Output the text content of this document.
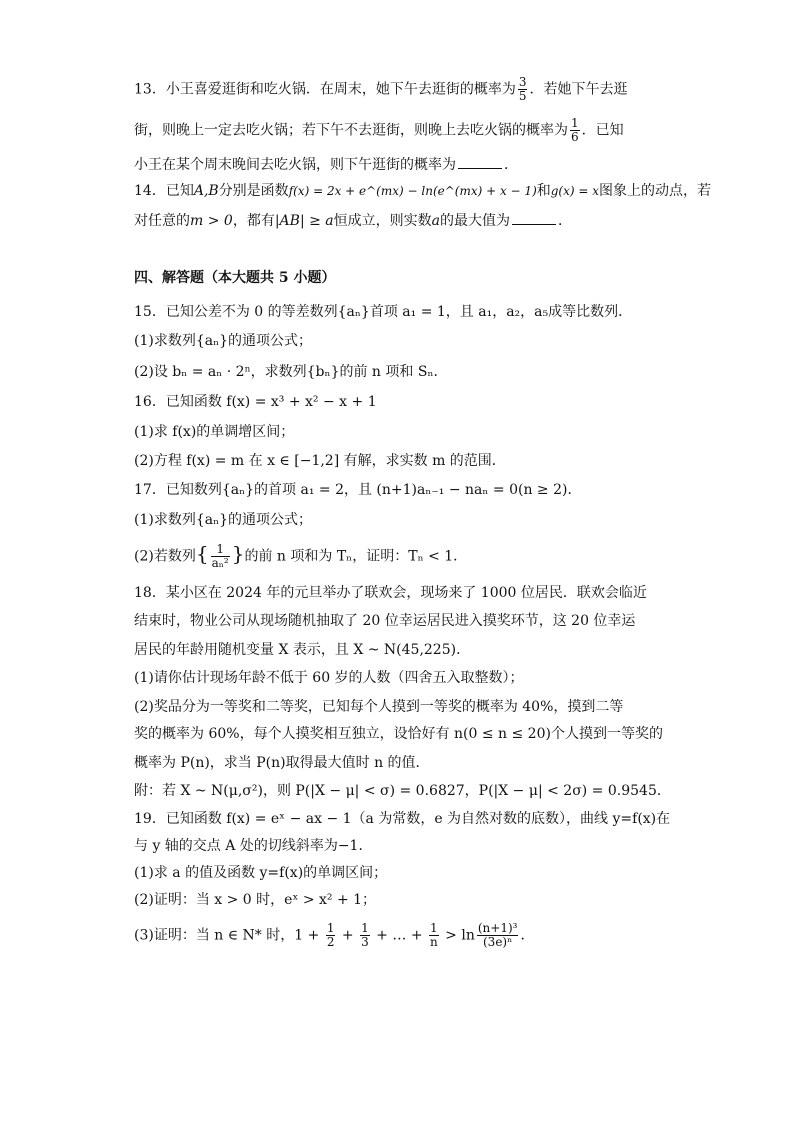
13．小王喜爱逛街和吃火锅．在周末，她下午去逛街的概率为 $\frac{3}{5}$ ．若她下午去逛
街，则晚上一定去吃火锅；若下午不去逛街，则晚上去吃火锅的概率为 $\frac{1}{6}$ ．已知
小王在某个周末晚间去吃火锅，则下午逛街的概率为	．
14．已知A,B分别是函数f(x) = 2x + e^(mx) − ln(e^(mx) + x − 1)和g(x) = x图象上的动点，若
对任意的m > 0，都有|AB| ≥ a恒成立，则实数a的最大值为	．
四、解答题（本大题共 5 小题）
15．已知公差不为 0 的等差数列{aₙ}首项 a₁ = 1，且 a₁，a₂，a₅成等比数列．
(1)求数列{aₙ}的通项公式；
(2)设 bₙ = aₙ · 2ⁿ，求数列{bₙ}的前 n 项和 Sₙ．
16．已知函数 f(x) = x³ + x² − x + 1
(1)求 f(x)的单调增区间；
(2)方程 f(x) = m 在 x ∈ [−1,2] 有解，求实数 m 的范围．
17．已知数列{aₙ}的首项 a₁ = 2，且 (n+1)aₙ₋₁ − naₙ = 0(n ≥ 2)．
(1)求数列{aₙ}的通项公式；
(2)若数列{ $\frac{1}{\text{aₙ²}}$ }的前 n 项和为 Tₙ，证明：Tₙ < 1．
18．某小区在 2024 年的元旦举办了联欢会，现场来了 1000 位居民．联欢会临近
结束时，物业公司从现场随机抽取了 20 位幸运居民进入摸奖环节，这 20 位幸运
居民的年龄用随机变量 X 表示，且 X ~ N(45,225)．
(1)请你估计现场年龄不低于 60 岁的人数（四舍五入取整数）；
(2)奖品分为一等奖和二等奖，已知每个人摸到一等奖的概率为 40%，摸到二等
奖的概率为 60%，每个人摸奖相互独立，设恰好有 n(0 ≤ n ≤ 20)个人摸到一等奖的
概率为 P(n)，求当 P(n)取得最大值时 n 的值．
附：若 X ~ N(μ,σ²)，则 P(|X − μ| < σ) = 0.6827，P(|X − μ| < 2σ) = 0.9545．
19．已知函数 f(x) = eˣ − ax − 1（a 为常数，e 为自然对数的底数），曲线 y=f(x)在
与 y 轴的交点 A 处的切线斜率为−1．
(1)求 a 的值及函数 y=f(x)的单调区间；
(2)证明：当 x > 0 时，eˣ > x² + 1；
(3)证明：当 n ∈ N* 时，$1 + \frac{1}{2} + \frac{1}{3}$ + … + $\frac{1}{n} > \ln \frac{\text{(n+1)³}}{\text{(3e)ⁿ}}$ ．
